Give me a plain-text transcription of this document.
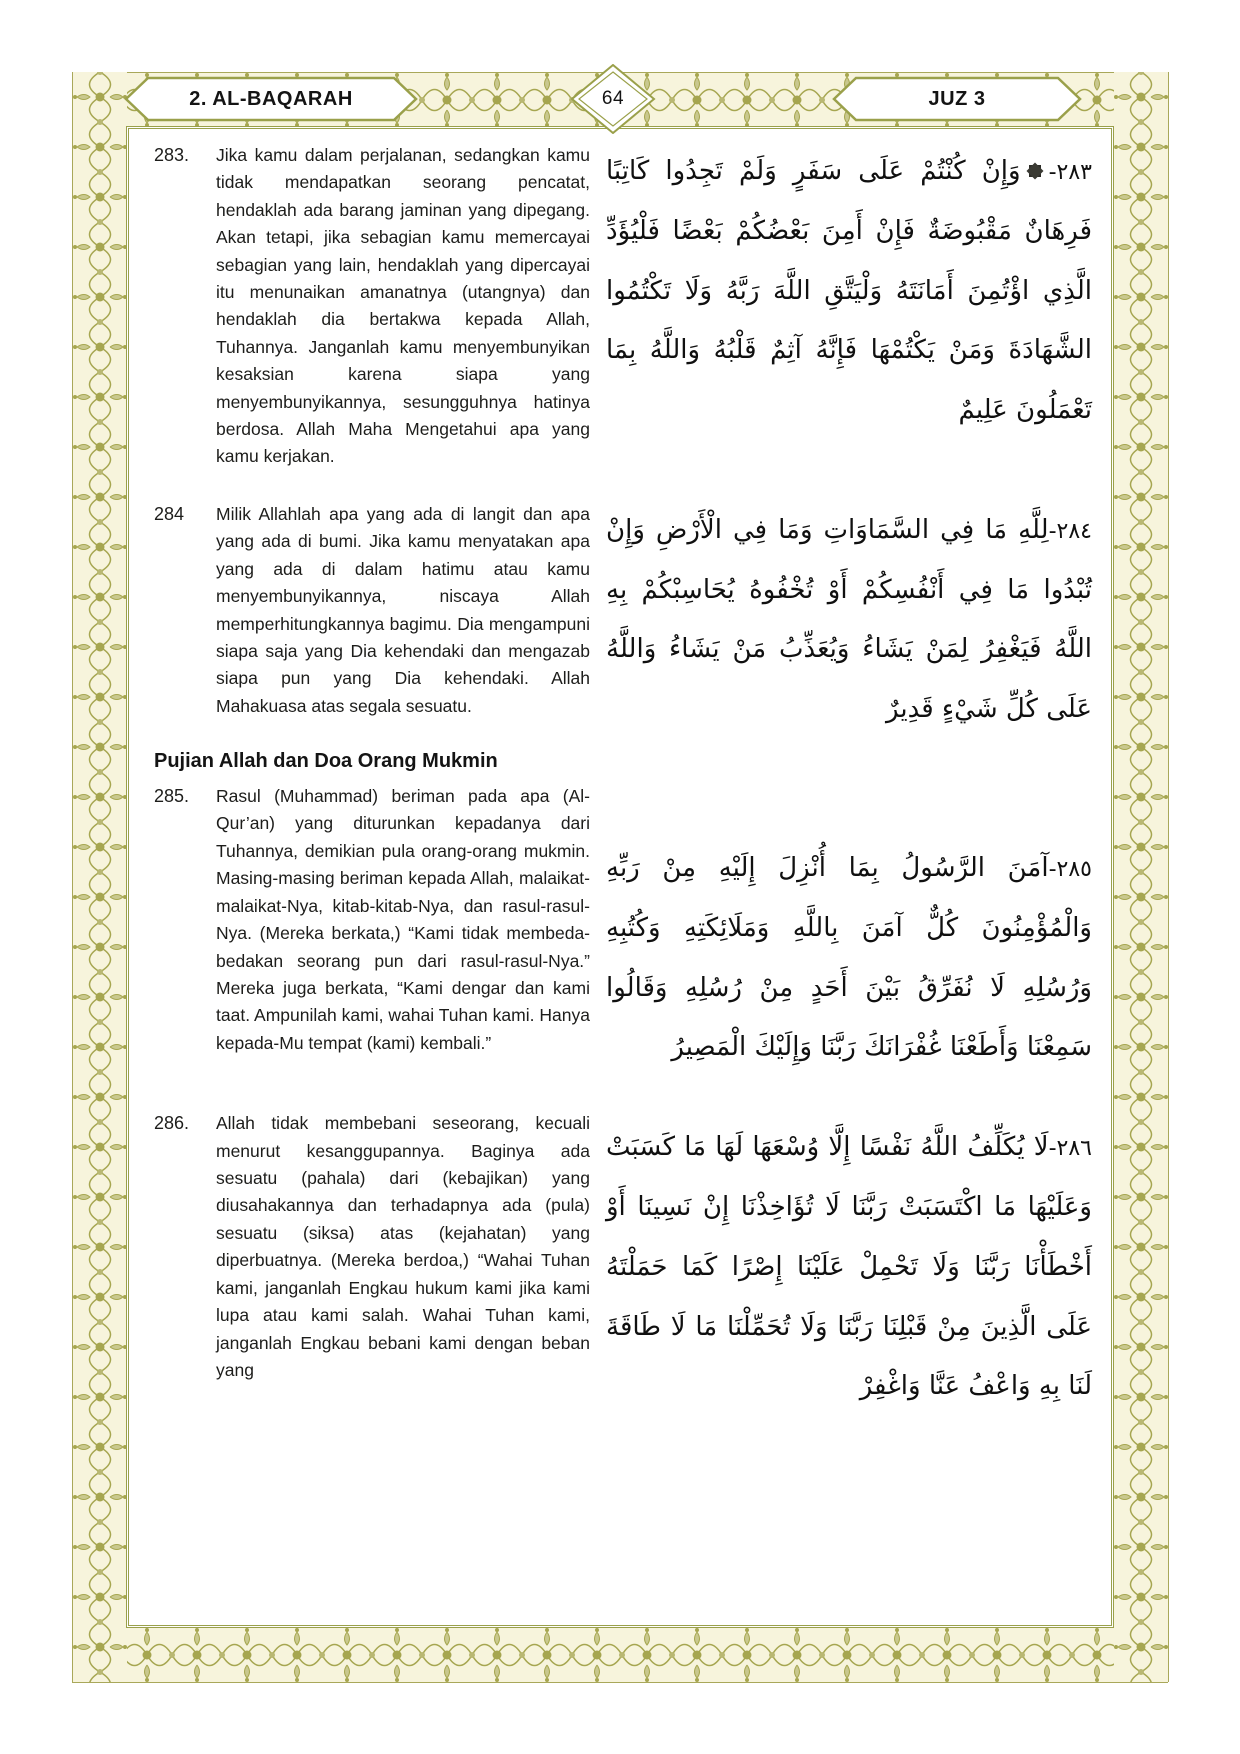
2. AL-BAQARAH	64	JUZ 3
283.	Jika kamu dalam perjalanan, sedangkan kamu tidak mendapatkan seorang pencatat, hendaklah ada barang jaminan yang dipegang. Akan tetapi, jika sebagian kamu memercayai sebagian yang lain, hendaklah yang dipercayai itu menunaikan amanatnya (utangnya) dan hendaklah dia bertakwa kepada Allah, Tuhannya. Janganlah kamu menyembunyikan kesaksian karena siapa yang menyembunyikannya, sesungguhnya hatinya berdosa. Allah Maha Mengetahui apa yang kamu kerjakan.
٢٨٣-وَإِنْ كُنْتُمْ عَلَى سَفَرٍ وَلَمْ تَجِدُوا كَاتِبًا فَرِهَانٌ مَقْبُوضَةٌ فَإِنْ أَمِنَ بَعْضُكُمْ بَعْضًا فَلْيُؤَدِّ الَّذِي اؤْتُمِنَ أَمَانَتَهُ وَلْيَتَّقِ اللَّهَ رَبَّهُ وَلَا تَكْتُمُوا الشَّهَادَةَ وَمَنْ يَكْتُمْهَا فَإِنَّهُ آثِمٌ قَلْبُهُ وَاللَّهُ بِمَا تَعْمَلُونَ عَلِيمٌ
284	Milik Allahlah apa yang ada di langit dan apa yang ada di bumi. Jika kamu menyatakan apa yang ada di dalam hatimu atau kamu menyembunyikannya, niscaya Allah memperhitungkannya bagimu. Dia mengampuni siapa saja yang Dia kehendaki dan mengazab siapa pun yang Dia kehendaki. Allah Mahakuasa atas segala sesuatu.
٢٨٤-لِلَّهِ مَا فِي السَّمَاوَاتِ وَمَا فِي الْأَرْضِ وَإِنْ تُبْدُوا مَا فِي أَنْفُسِكُمْ أَوْ تُخْفُوهُ يُحَاسِبْكُمْ بِهِ اللَّهُ فَيَغْفِرُ لِمَنْ يَشَاءُ وَيُعَذِّبُ مَنْ يَشَاءُ وَاللَّهُ عَلَى كُلِّ شَيْءٍ قَدِيرٌ
Pujian Allah dan Doa Orang Mukmin
285.	Rasul (Muhammad) beriman pada apa (Al-Qur’an) yang diturunkan kepadanya dari Tuhannya, demikian pula orang-orang mukmin. Masing-masing beriman kepada Allah, malaikat-malaikat-Nya, kitab-kitab-Nya, dan rasul-rasul-Nya. (Mereka berkata,) “Kami tidak membeda-bedakan seorang pun dari rasul-rasul-Nya.” Mereka juga berkata, “Kami dengar dan kami taat. Ampunilah kami, wahai Tuhan kami. Hanya kepada-Mu tempat (kami) kembali.”
٢٨٥-آمَنَ الرَّسُولُ بِمَا أُنْزِلَ إِلَيْهِ مِنْ رَبِّهِ وَالْمُؤْمِنُونَ كُلٌّ آمَنَ بِاللَّهِ وَمَلَائِكَتِهِ وَكُتُبِهِ وَرُسُلِهِ لَا نُفَرِّقُ بَيْنَ أَحَدٍ مِنْ رُسُلِهِ وَقَالُوا سَمِعْنَا وَأَطَعْنَا غُفْرَانَكَ رَبَّنَا وَإِلَيْكَ الْمَصِيرُ
286.	Allah tidak membebani seseorang, kecuali menurut kesanggupannya. Baginya ada sesuatu (pahala) dari (kebajikan) yang diusahakannya dan terhadapnya ada (pula) sesuatu (siksa) atas (kejahatan) yang diperbuatnya. (Mereka berdoa,) “Wahai Tuhan kami, janganlah Engkau hukum kami jika kami lupa atau kami salah. Wahai Tuhan kami, janganlah Engkau bebani kami dengan beban yang
٢٨٦-لَا يُكَلِّفُ اللَّهُ نَفْسًا إِلَّا وُسْعَهَا لَهَا مَا كَسَبَتْ وَعَلَيْهَا مَا اكْتَسَبَتْ رَبَّنَا لَا تُؤَاخِذْنَا إِنْ نَسِينَا أَوْ أَخْطَأْنَا رَبَّنَا وَلَا تَحْمِلْ عَلَيْنَا إِصْرًا كَمَا حَمَلْتَهُ عَلَى الَّذِينَ مِنْ قَبْلِنَا رَبَّنَا وَلَا تُحَمِّلْنَا مَا لَا طَاقَةَ لَنَا بِهِ وَاعْفُ عَنَّا وَاغْفِرْ
